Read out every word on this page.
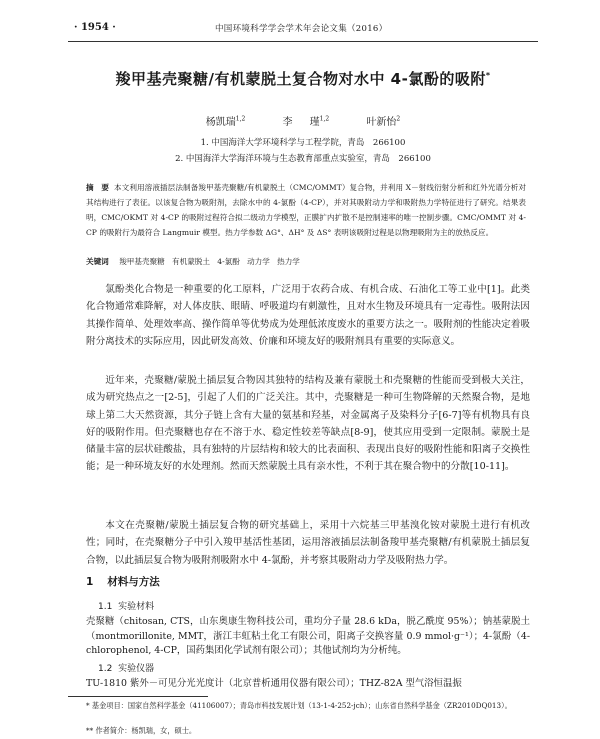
· 1954 ·	中国环境科学学会学术年会论文集（2016）
羧甲基壳聚糖/有机蒙脱土复合物对水中 4-氯酚的吸附*
杨凯瑞$^{1,2}$	李 瑾$^{1,2}$	叶新怡$^2$
1. 中国海洋大学环境科学与工程学院，青岛　266100
2. 中国海洋大学海洋环境与生态教育部重点实验室，青岛　266100
摘　要 本文利用溶液插层法制备羧甲基壳聚糖/有机蒙脱土（CMC/OMMT）复合物，并利用 X－射线衍射分析和红外光谱分析对其结构进行了表征。以该复合物为吸附剂，去除水中的 4-氯酚（4-CP），并对其吸附动力学和吸附热力学特征进行了研究。结果表明，CMC/OKMT 对 4-CP 的吸附过程符合拟二级动力学模型，正膜扩内扩散不是控制速率的唯一控制步骤。CMC/OMMT 对 4-CP 的吸附行为最符合 Langmuir 模型。热力学参数 ΔG°、ΔH° 及 ΔS° 表明该吸附过程是以物理吸附为主的放热反应。
关键词 羧甲基壳聚糖 有机蒙脱土 4-氯酚 动力学 热力学
氯酚类化合物是一种重要的化工原料，广泛用于农药合成、有机合成、石油化工等工业中[1]。此类化合物通常难降解，对人体皮肤、眼睛、呼吸道均有刺激性，且对水生物及环境具有一定毒性。吸附法因其操作简单、处理效率高、操作简单等优势成为处理低浓度废水的重要方法之一。吸附剂的性能决定着吸附分离技术的实际应用，因此研发高效、价廉和环境友好的吸附剂具有重要的实际意义。
近年来，壳聚糖/蒙脱土插层复合物因其独特的结构及兼有蒙脱土和壳聚糖的性能而受到极大关注，成为研究热点之一[2-5]，引起了人们的广泛关注。其中，壳聚糖是一种可生物降解的天然聚合物，是地球上第二大天然资源，其分子链上含有大量的氨基和羟基，对金属离子及染料分子[6-7]等有机物具有良好的吸附作用。但壳聚糖也存在不溶于水、稳定性较差等缺点[8-9]，使其应用受到一定限制。蒙脱土是储量丰富的层状硅酸盐，具有独特的片层结构和较大的比表面积、表现出良好的吸附性能和阳离子交换性能；是一种环境友好的水处理剂。然而天然蒙脱土具有亲水性，不利于其在聚合物中的分散[10-11]。
本文在壳聚糖/蒙脱土插层复合物的研究基础上，采用十六烷基三甲基溴化铵对蒙脱土进行有机改性；同时，在壳聚糖分子中引入羧甲基活性基团，运用溶液插层法制备羧甲基壳聚糖/有机蒙脱土插层复合物，以此插层复合物为吸附剂吸附水中 4-氯酚，并考察其吸附动力学及吸附热力学。
1 材料与方法
1.1 实验材料
壳聚糖（chitosan, CTS，山东奥康生物科技公司，重均分子量 28.6 kDa，脱乙酰度 95%）；钠基蒙脱土（montmorillonite, MMT，浙江丰虹粘土化工有限公司，阳离子交换容量 0.9 mmol·g⁻¹）；4-氯酚（4-chlorophenol, 4-CP，国药集团化学试剂有限公司）；其他试剂均为分析纯。
1.2 实验仪器
TU-1810 紫外－可见分光光度计（北京普析通用仪器有限公司）；THZ-82A 型气浴恒温振
* 基金项目：国家自然科学基金（41106007）；青岛市科技发展计划（13-1-4-252-jch）；山东省自然科学基金（ZR2010DQ013）。
** 作者简介：杨凯瑞，女，硕士。
